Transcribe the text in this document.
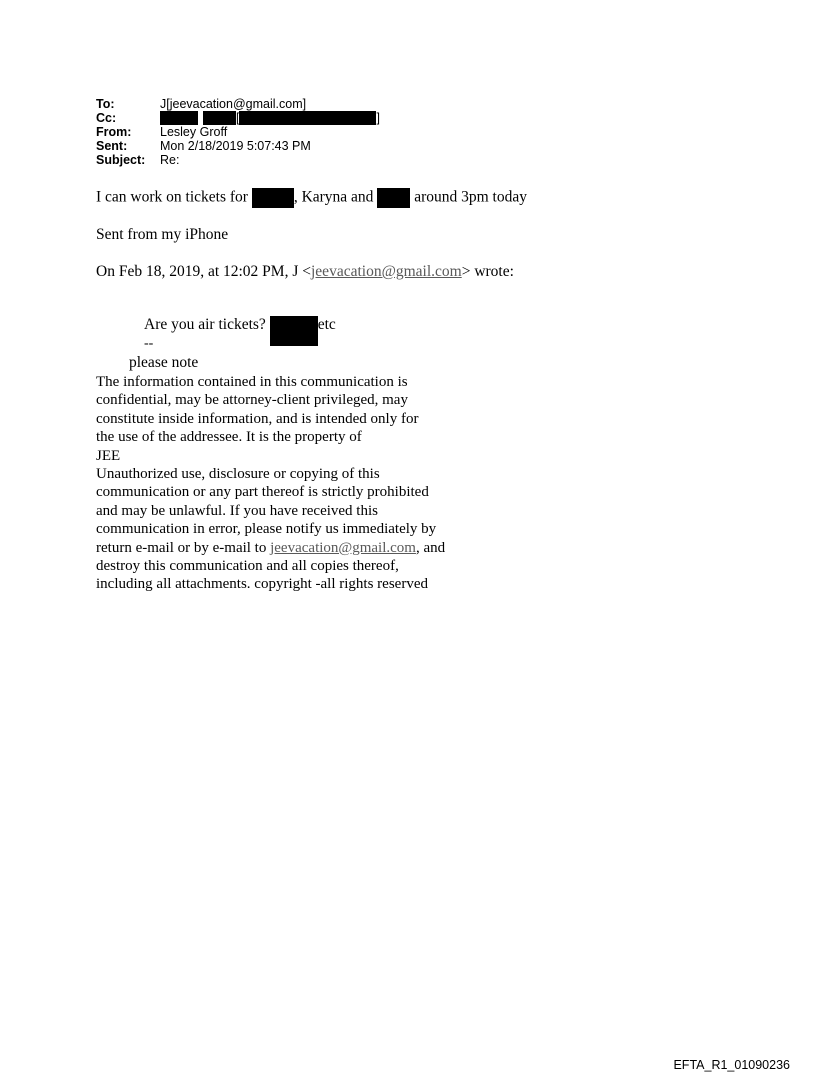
To:	J[jeevacation@gmail.com]
Cc:	[	]
From:	Lesley Groff
Sent:	Mon 2/18/2019 5:07:43 PM
Subject:	Re:
I can work on tickets for	, Karyna and	around 3pm today
Sent from my iPhone
On Feb 18, 2019, at 12:02 PM, J <jeevacation@gmail.com> wrote:
Are you air tickets?	etc
--
please note
The information contained in this communication is
confidential, may be attorney-client privileged, may
constitute inside information, and is intended only for
the use of the addressee. It is the property of
JEE
Unauthorized use, disclosure or copying of this
communication or any part thereof is strictly prohibited
and may be unlawful. If you have received this
communication in error, please notify us immediately by
return e-mail or by e-mail to jeevacation@gmail.com, and
destroy this communication and all copies thereof,
including all attachments. copyright -all rights reserved
EFTA_R1_01090236
